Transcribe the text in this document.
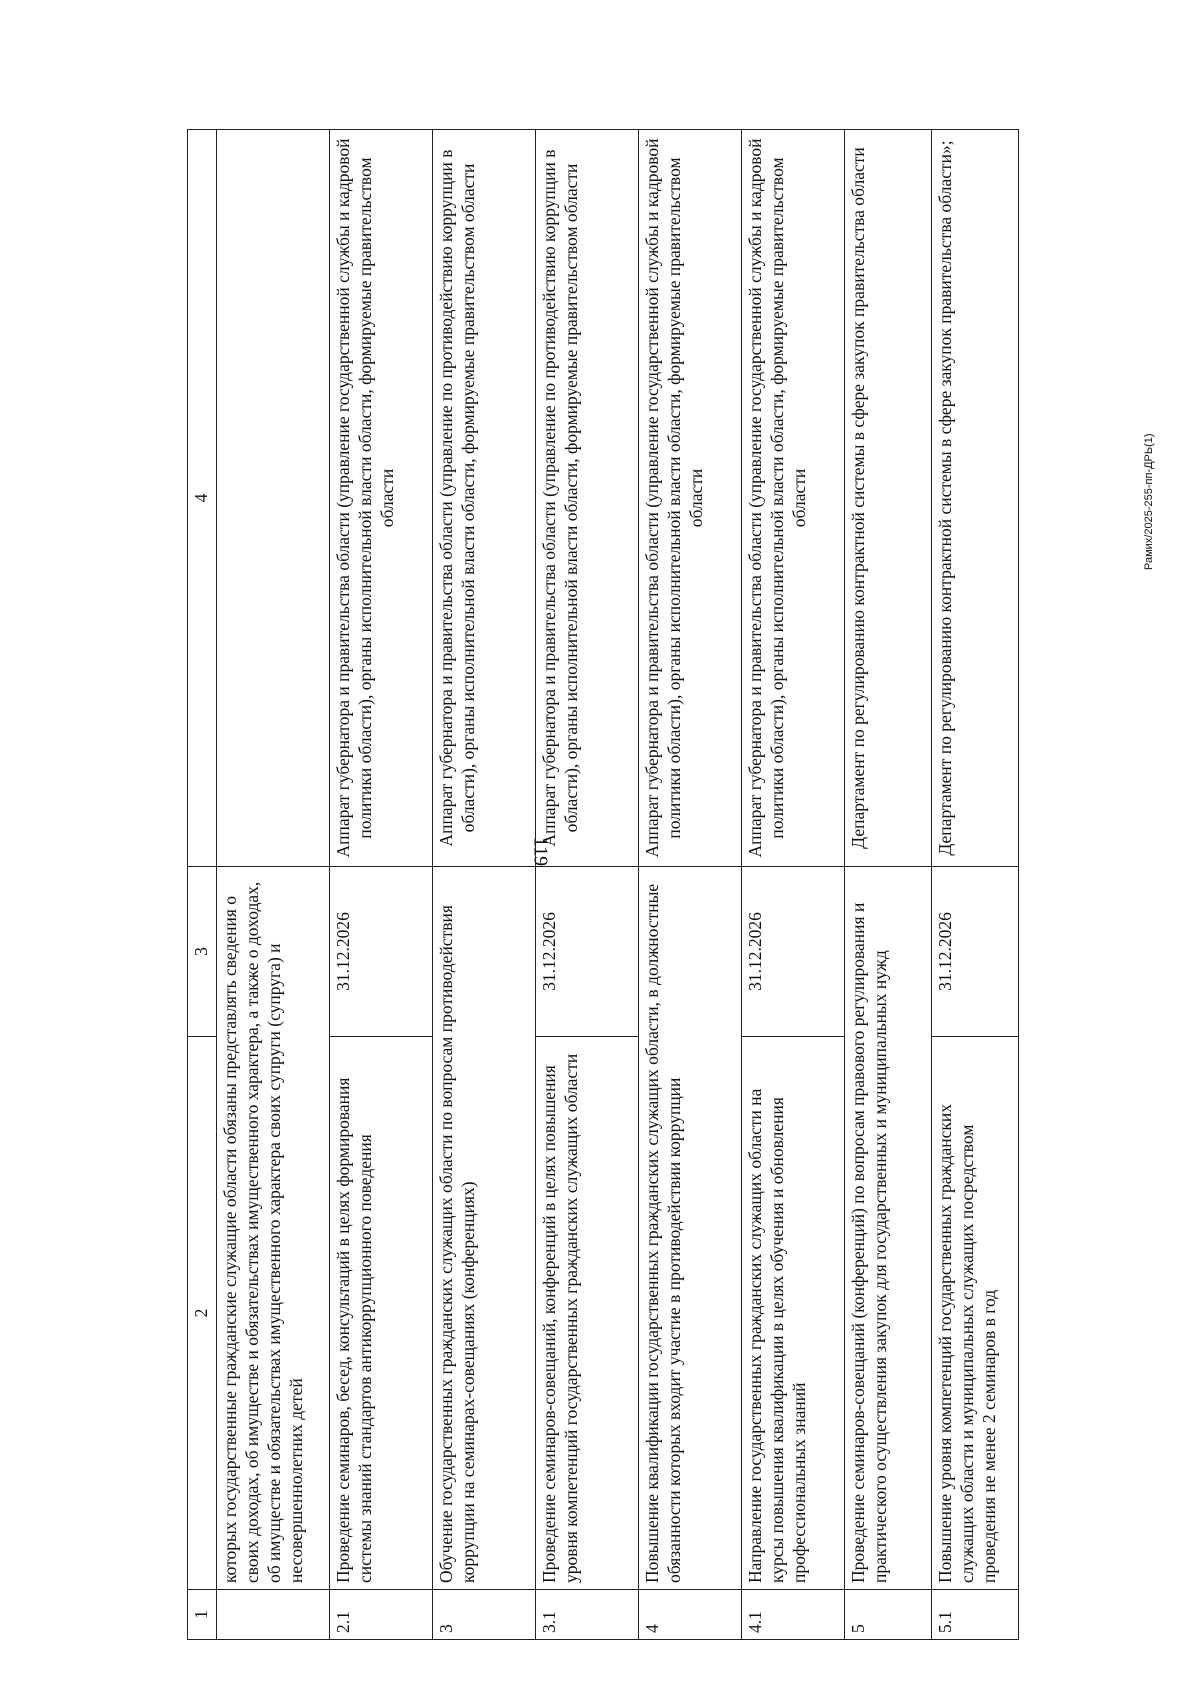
119
Рамих/2025-255-пп-ДРЬ(1)
1	2	3	4
	которых государственные гражданские служащие области обязаны представлять сведения о своих доходах, об имуществе и обязательствах имущественного характера, а также о доходах, об имуществе и обязательствах имущественного характера своих супруги (супруга) и несовершеннолетних детей		
2.1	Проведение семинаров, бесед, консультаций в целях формирования системы знаний стандартов антикоррупционного поведения	31.12.2026	Аппарат губернатора и правительства области (управление государственной службы и кадровой политики области), органы исполнительной власти области, формируемые правительством области
3	Обучение государственных гражданских служащих области по вопросам противодействия коррупции на семинарах-совещаниях (конференциях)		Аппарат губернатора и правительства области (управление по противодействию коррупции в области), органы исполнительной власти области, формируемые правительством области
3.1	Проведение семинаров-совещаний, конференций в целях повышения уровня компетенций государственных гражданских служащих области	31.12.2026	Аппарат губернатора и правительства области (управление по противодействию коррупции в области), органы исполнительной власти области, формируемые правительством области
4	Повышение квалификации государственных гражданских служащих области, в должностные обязанности которых входит участие в противодействии коррупции		Аппарат губернатора и правительства области (управление государственной службы и кадровой политики области), органы исполнительной власти области, формируемые правительством области
4.1	Направление государственных гражданских служащих области на курсы повышения квалификации в целях обучения и обновления профессиональных знаний	31.12.2026	Аппарат губернатора и правительства области (управление государственной службы и кадровой политики области), органы исполнительной власти области, формируемые правительством области
5	Проведение семинаров-совещаний (конференций) по вопросам правового регулирования и практического осуществления закупок для государственных и муниципальных нужд		Департамент по регулированию контрактной системы в сфере закупок правительства области
5.1	Повышение уровня компетенций государственных гражданских служащих области и муниципальных служащих посредством проведения не менее 2 семинаров в год	31.12.2026	Департамент по регулированию контрактной системы в сфере закупок правительства области»;
